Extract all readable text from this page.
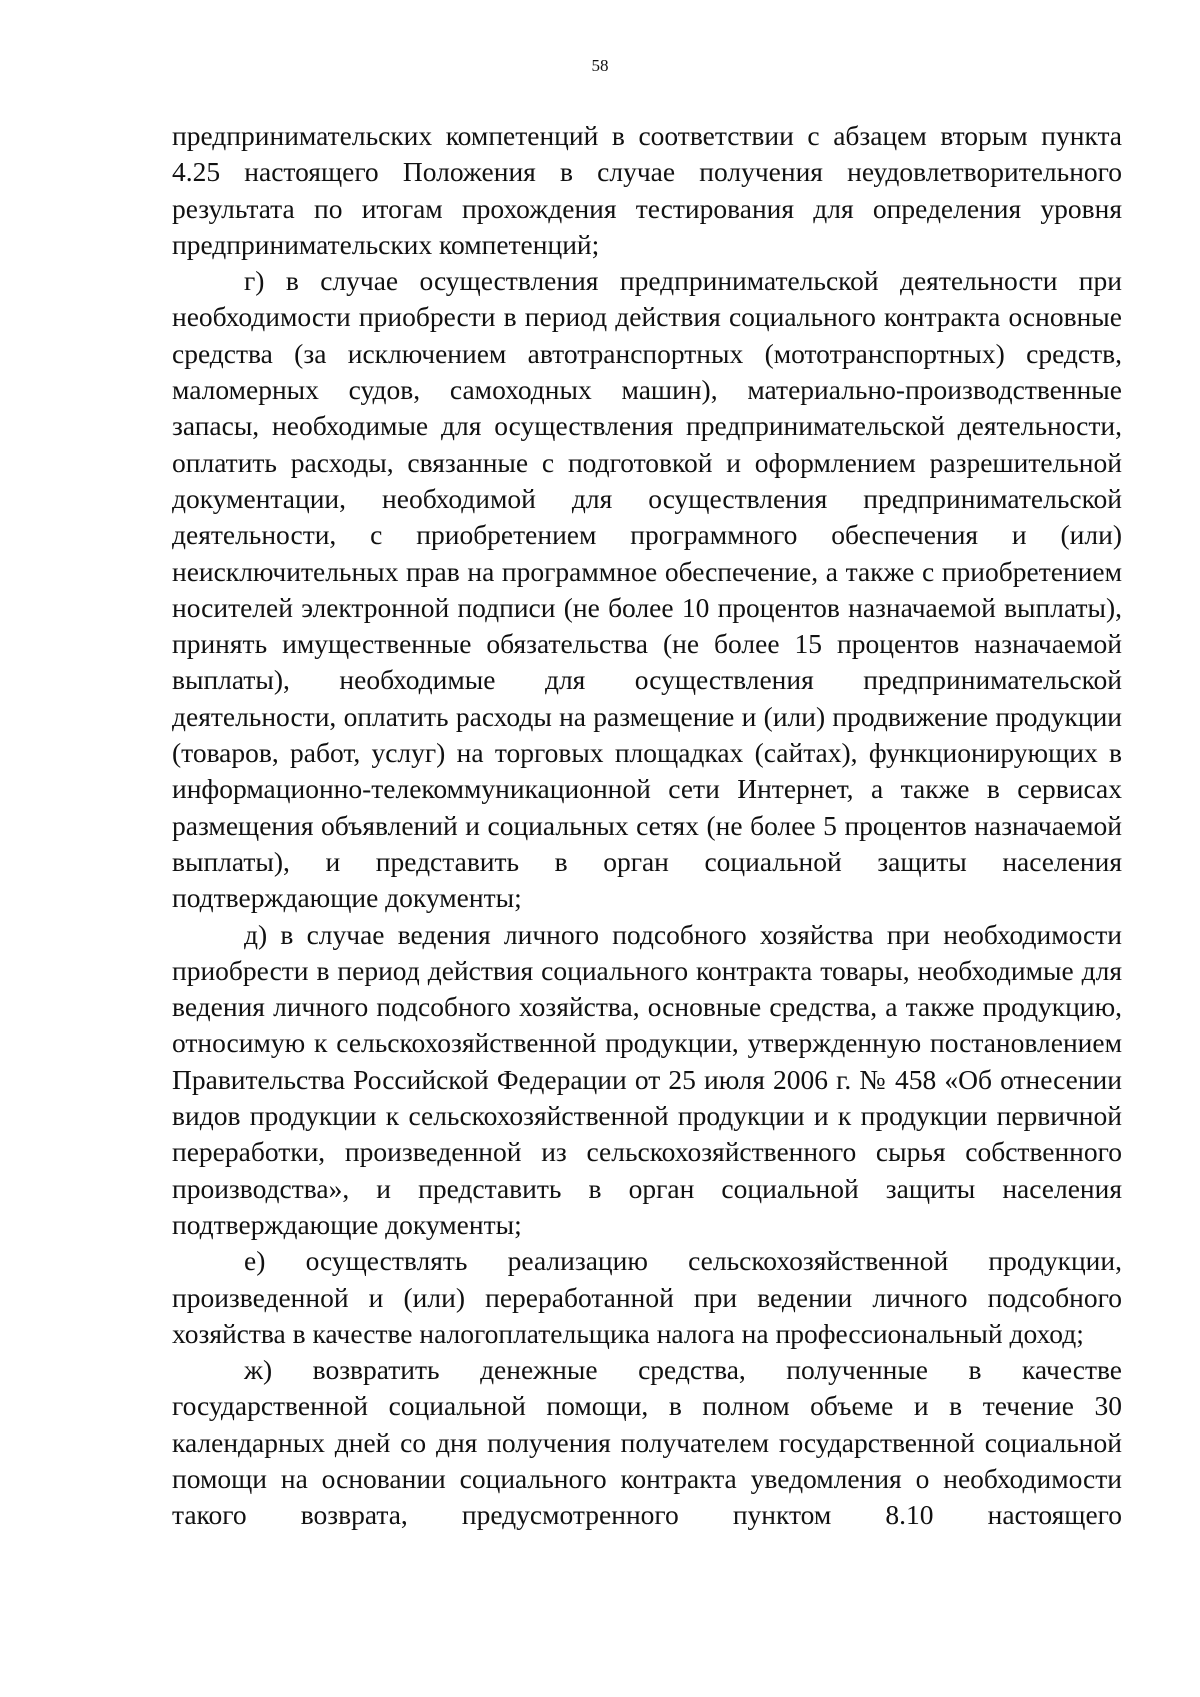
58

предпринимательских компетенций в соответствии с абзацем вторым пункта 4.25 настоящего Положения в случае получения неудовлетворительного результата по итогам прохождения тестирования для определения уровня предпринимательских компетенций;

г) в случае осуществления предпринимательской деятельности при необходимости приобрести в период действия социального контракта основные средства (за исключением автотранспортных (мототранспортных) средств, маломерных судов, самоходных машин), материально-производственные запасы, необходимые для осуществления предпринимательской деятельности, оплатить расходы, связанные с подготовкой и оформлением разрешительной документации, необходимой для осуществления предпринимательской деятельности, с приобретением программного обеспечения и (или) неисключительных прав на программное обеспечение, а также с приобретением носителей электронной подписи (не более 10 процентов назначаемой выплаты), принять имущественные обязательства (не более 15 процентов назначаемой выплаты), необходимые для осуществления предпринимательской деятельности, оплатить расходы на размещение и (или) продвижение продукции (товаров, работ, услуг) на торговых площадках (сайтах), функционирующих в информационно-телекоммуникационной сети Интернет, а также в сервисах размещения объявлений и социальных сетях (не более 5 процентов назначаемой выплаты), и представить в орган социальной защиты населения подтверждающие документы;

д) в случае ведения личного подсобного хозяйства при необходимости приобрести в период действия социального контракта товары, необходимые для ведения личного подсобного хозяйства, основные средства, а также продукцию, относимую к сельскохозяйственной продукции, утвержденную постановлением Правительства Российской Федерации от 25 июля 2006 г. № 458 «Об отнесении видов продукции к сельскохозяйственной продукции и к продукции первичной переработки, произведенной из сельскохозяйственного сырья собственного производства», и представить в орган социальной защиты населения подтверждающие документы;

е) осуществлять реализацию сельскохозяйственной продукции, произведенной и (или) переработанной при ведении личного подсобного хозяйства в качестве налогоплательщика налога на профессиональный доход;

ж) возвратить денежные средства, полученные в качестве государственной социальной помощи, в полном объеме и в течение 30 календарных дней со дня получения получателем государственной социальной помощи на основании социального контракта уведомления о необходимости такого возврата, предусмотренного пунктом 8.10 настоящего
